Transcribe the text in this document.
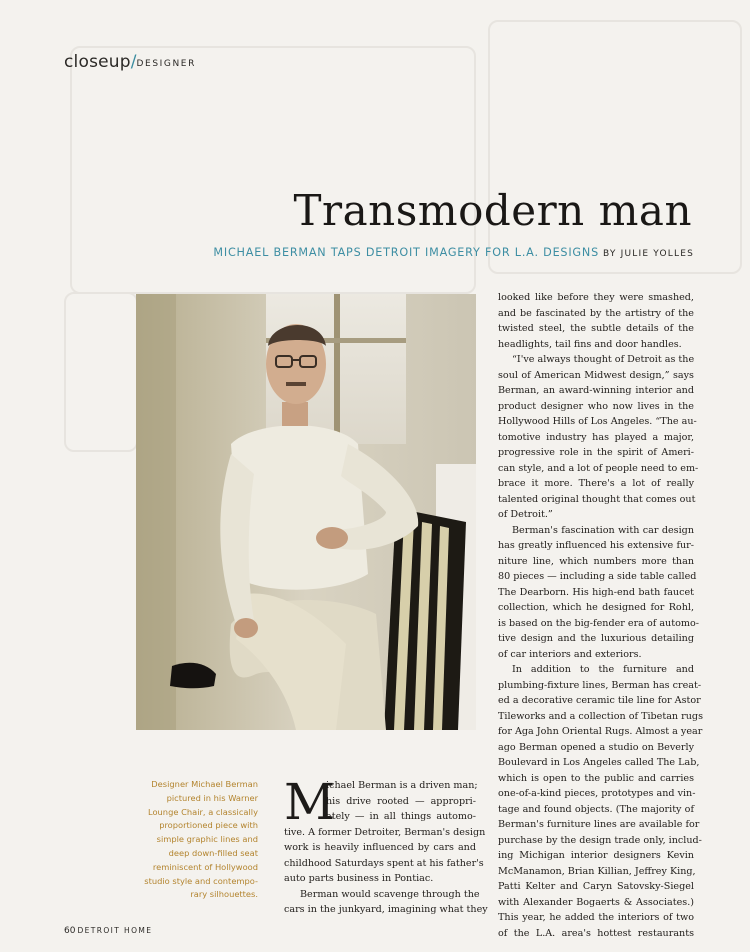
closeup/DESIGNER
Transmodern man
MICHAEL BERMAN TAPS DETROIT IMAGERY FOR L.A. DESIGNS BY JULIE YOLLES
Designer Michael Berman
pictured in his Warner
Lounge Chair, a classically
proportioned piece with
simple graphic lines and
deep down-filled seat
reminiscent of Hollywood
studio style and contempo-
rary silhouettes.
M
ichael Berman is a driven man;
his drive rooted — appropri-
ately — in all things automo-
tive. A former Detroiter, Berman's design
work is heavily influenced by cars and
childhood Saturdays spent at his father's
auto parts business in Pontiac.
Berman would scavenge through the
cars in the junkyard, imagining what they
looked like before they were smashed,
and be fascinated by the artistry of the
twisted steel, the subtle details of the
headlights, tail fins and door handles.
“I've always thought of Detroit as the
soul of American Midwest design,” says
Berman, an award-winning interior and
product designer who now lives in the
Hollywood Hills of Los Angeles. “The au-
tomotive industry has played a major,
progressive role in the spirit of Ameri-
can style, and a lot of people need to em-
brace it more. There's a lot of really
talented original thought that comes out
of Detroit.”
Berman's fascination with car design
has greatly influenced his extensive fur-
niture line, which numbers more than
80 pieces — including a side table called
The Dearborn. His high-end bath faucet
collection, which he designed for Rohl,
is based on the big-fender era of automo-
tive design and the luxurious detailing
of car interiors and exteriors.
In addition to the furniture and
plumbing-fixture lines, Berman has creat-
ed a decorative ceramic tile line for Astor
Tileworks and a collection of Tibetan rugs
for Aga John Oriental Rugs. Almost a year
ago Berman opened a studio on Beverly
Boulevard in Los Angeles called The Lab,
which is open to the public and carries
one-of-a-kind pieces, prototypes and vin-
tage and found objects. (The majority of
Berman's furniture lines are available for
purchase by the design trade only, includ-
ing Michigan interior designers Kevin
McManamon, Brian Killian, Jeffrey King,
Patti Kelter and Caryn Satovsky-Siegel
with Alexander Bogaerts & Associates.)
This year, he added the interiors of two
of the L.A. area's hottest restaurants
60 DETROIT HOME
